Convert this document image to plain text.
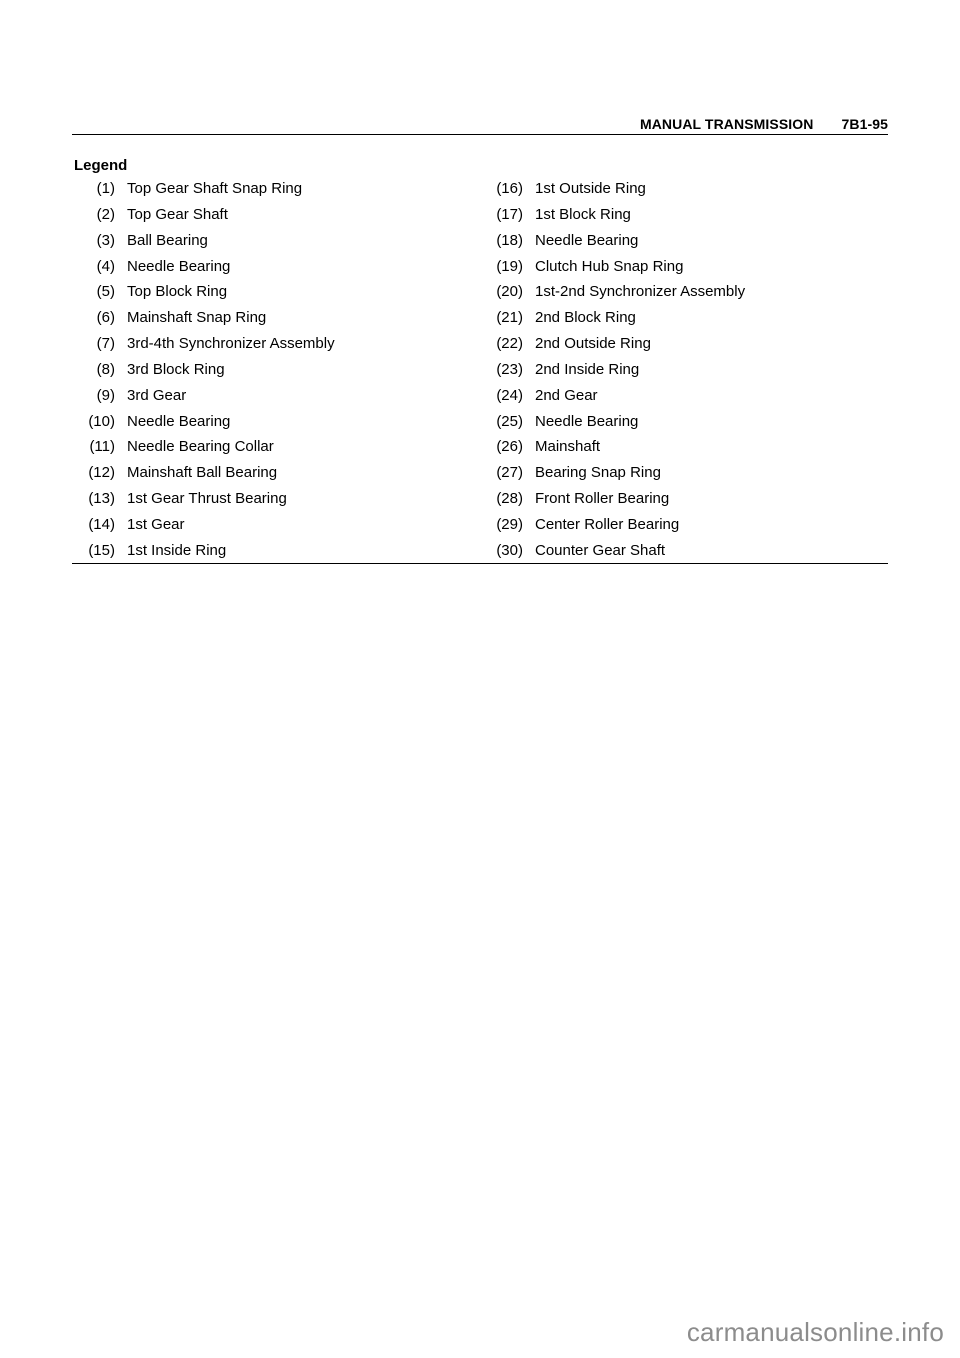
MANUAL TRANSMISSION 7B1-95
Legend
(1) Top Gear Shaft Snap Ring
(2) Top Gear Shaft
(3) Ball Bearing
(4) Needle Bearing
(5) Top Block Ring
(6) Mainshaft Snap Ring
(7) 3rd-4th Synchronizer Assembly
(8) 3rd Block Ring
(9) 3rd Gear
(10) Needle Bearing
(11) Needle Bearing Collar
(12) Mainshaft Ball Bearing
(13) 1st Gear Thrust Bearing
(14) 1st Gear
(15) 1st Inside Ring
(16) 1st Outside Ring
(17) 1st Block Ring
(18) Needle Bearing
(19) Clutch Hub Snap Ring
(20) 1st-2nd Synchronizer Assembly
(21) 2nd Block Ring
(22) 2nd Outside Ring
(23) 2nd Inside Ring
(24) 2nd Gear
(25) Needle Bearing
(26) Mainshaft
(27) Bearing Snap Ring
(28) Front Roller Bearing
(29) Center Roller Bearing
(30) Counter Gear Shaft
carmanualsonline.info
